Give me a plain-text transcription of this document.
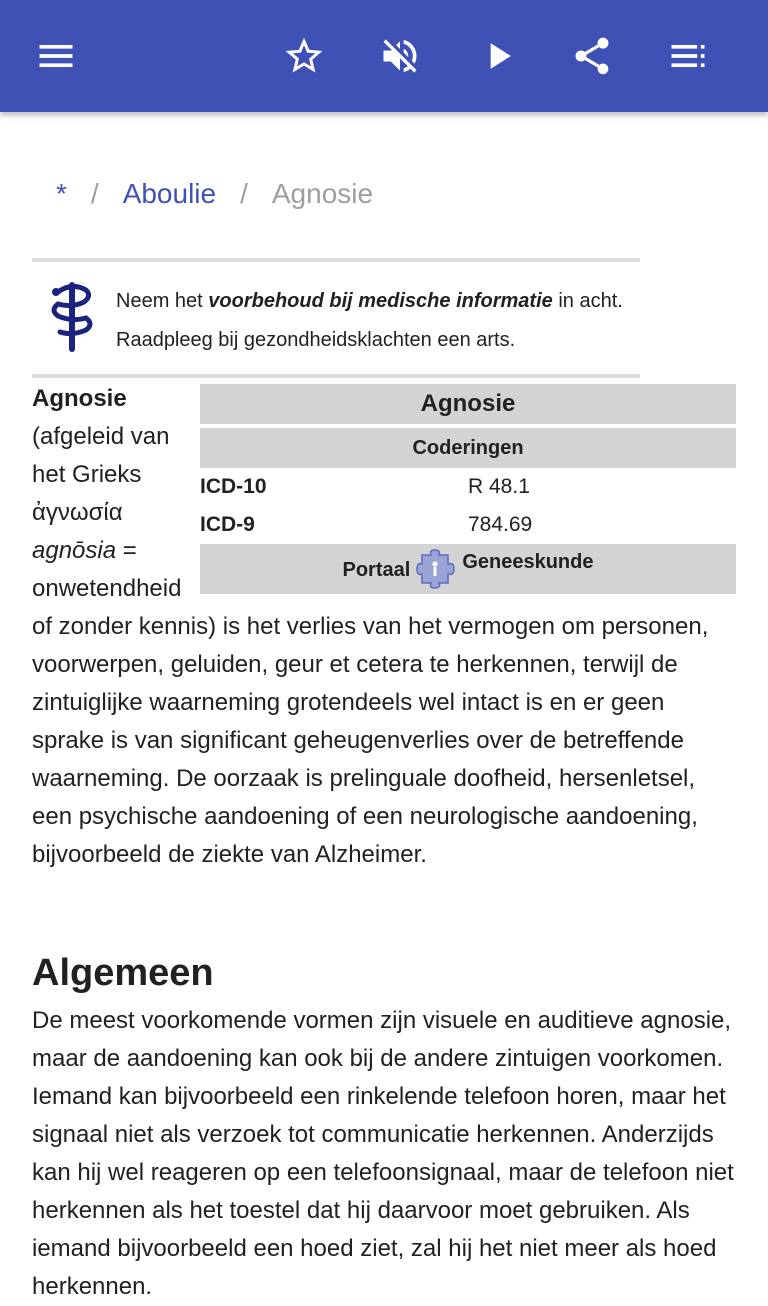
* / Aboulie / Agnosie
Neem het voorbehoud bij medische informatie in acht.
Raadpleeg bij gezondheidsklachten een arts.
Agnosie	
Coderingen	
ICD-10	R 48.1
ICD-9	784.69

Portaal Geneeskunde	

Agnosie (afgeleid van het Grieks ἀγνωσία agnōsia = onwetendheid of zonder kennis) is het verlies van het vermogen om personen, voorwerpen, geluiden, geur et cetera te herkennen, terwijl de zintuiglijke waarneming grotendeels wel intact is en er geen sprake is van significant geheugenverlies over de betreffende waarneming. De oorzaak is prelinguale doofheid, hersenletsel, een psychische aandoening of een neurologische aandoening, bijvoorbeeld de ziekte van Alzheimer.

Algemeen

De meest voorkomende vormen zijn visuele en auditieve agnosie, maar de aandoening kan ook bij de andere zintuigen voorkomen. Iemand kan bijvoorbeeld een rinkelende telefoon horen, maar het signaal niet als verzoek tot communicatie herkennen. Anderzijds kan hij wel reageren op een telefoonsignaal, maar de telefoon niet herkennen als het toestel dat hij daarvoor moet gebruiken. Als iemand bijvoorbeeld een hoed ziet, zal hij het niet meer als hoed herkennen.
